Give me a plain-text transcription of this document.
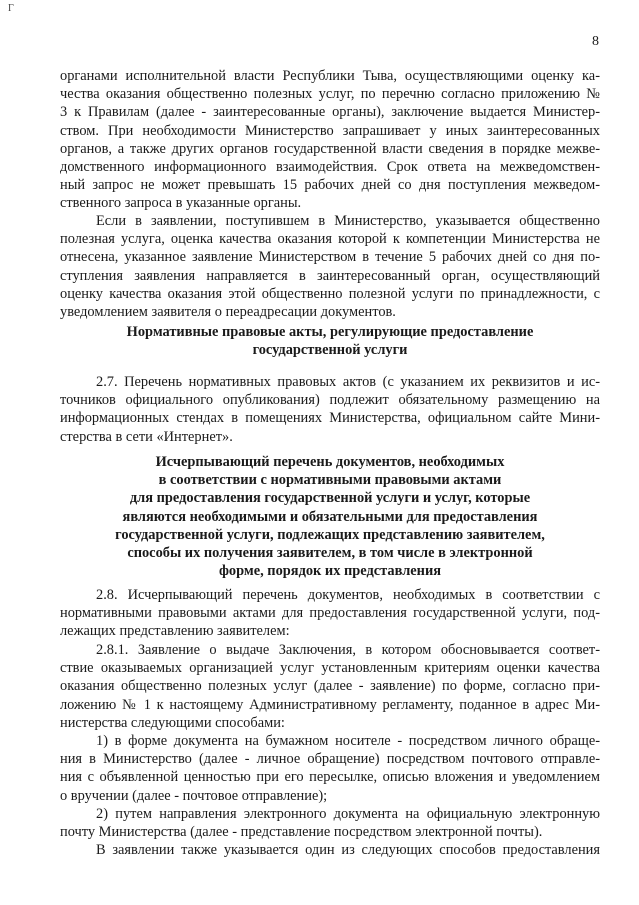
Г
8
органами исполнительной власти Республики Тыва, осуществляющими оценку ка-
чества оказания общественно полезных услуг, по перечню согласно приложению №
3 к Правилам (далее - заинтересованные органы), заключение выдается Министер-
ством. При необходимости Министерство запрашивает у иных заинтересованных
органов, а также других органов государственной власти сведения в порядке межве-
домственного информационного взаимодействия. Срок ответа на межведомствен-
ный запрос не может превышать 15 рабочих дней со дня поступления межведом-
ственного запроса в указанные органы.
Если в заявлении, поступившем в Министерство, указывается общественно
полезная услуга, оценка качества оказания которой к компетенции Министерства не
отнесена, указанное заявление Министерством в течение 5 рабочих дней со дня по-
ступления заявления направляется в заинтересованный орган, осуществляющий
оценку качества оказания этой общественно полезной услуги по принадлежности, с
уведомлением заявителя о переадресации документов.
Нормативные правовые акты, регулирующие предоставление
государственной услуги
2.7. Перечень нормативных правовых актов (с указанием их реквизитов и ис-
точников официального опубликования) подлежит обязательному размещению на
информационных стендах в помещениях Министерства, официальном сайте Мини-
стерства в сети «Интернет».
Исчерпывающий перечень документов, необходимых
в соответствии с нормативными правовыми актами
для предоставления государственной услуги и услуг, которые
являются необходимыми и обязательными для предоставления
государственной услуги, подлежащих представлению заявителем,
способы их получения заявителем, в том числе в электронной
форме, порядок их представления
2.8. Исчерпывающий перечень документов, необходимых в соответствии с
нормативными правовыми актами для предоставления государственной услуги, под-
лежащих представлению заявителем:
2.8.1. Заявление о выдаче Заключения, в котором обосновывается соответ-
ствие оказываемых организацией услуг установленным критериям оценки качества
оказания общественно полезных услуг (далее - заявление) по форме, согласно при-
ложению № 1 к настоящему Административному регламенту, поданное в адрес Ми-
нистерства следующими способами:
1) в форме документа на бумажном носителе - посредством личного обраще-
ния в Министерство (далее - личное обращение) посредством почтового отправле-
ния с объявленной ценностью при его пересылке, описью вложения и уведомлением
о вручении (далее - почтовое отправление);
2) путем направления электронного документа на официальную электронную
почту Министерства (далее - представление посредством электронной почты).
В заявлении также указывается один из следующих способов предоставления
